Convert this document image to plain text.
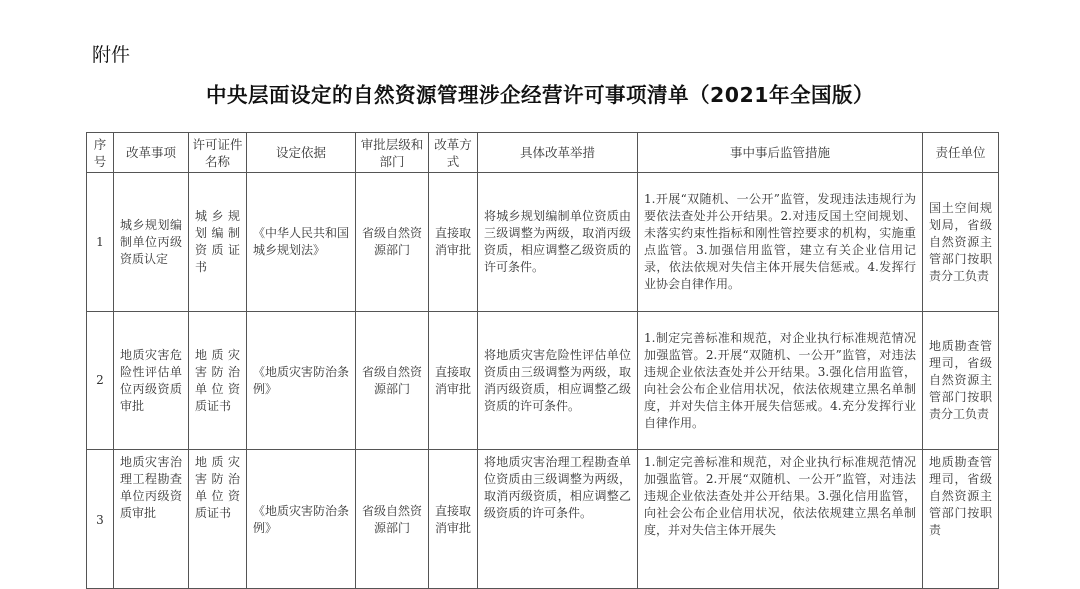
附件
中央层面设定的自然资源管理涉企经营许可事项清单（2021年全国版）
序号	改革事项	许可证件名称	设定依据	审批层级和部门	改革方式	具体改革举措	事中事后监管措施	责任单位
1	城乡规划编制单位丙级资质认定	城乡规划编制资质证书	《中华人民共和国城乡规划法》	省级自然资源部门	直接取消审批	将城乡规划编制单位资质由三级调整为两级，取消丙级资质，相应调整乙级资质的许可条件。	1.开展“双随机、一公开”监管，发现违法违规行为要依法查处并公开结果。2.对违反国土空间规划、未落实约束性指标和刚性管控要求的机构，实施重点监管。3.加强信用监管，建立有关企业信用记录，依法依规对失信主体开展失信惩戒。4.发挥行业协会自律作用。	国土空间规划局，省级自然资源主管部门按职责分工负责
2	地质灾害危险性评估单位丙级资质审批	地质灾害防治单位资质证书	《地质灾害防治条例》	省级自然资源部门	直接取消审批	将地质灾害危险性评估单位资质由三级调整为两级，取消丙级资质，相应调整乙级资质的许可条件。	1.制定完善标准和规范，对企业执行标准规范情况加强监管。2.开展“双随机、一公开”监管，对违法违规企业依法查处并公开结果。3.强化信用监管，向社会公布企业信用状况，依法依规建立黑名单制度，并对失信主体开展失信惩戒。4.充分发挥行业自律作用。	地质勘查管理司，省级自然资源主管部门按职责分工负责
3	地质灾害治理工程勘查单位丙级资质审批	地质灾害防治单位资质证书	《地质灾害防治条例》	省级自然资源部门	直接取消审批	将地质灾害治理工程勘查单位资质由三级调整为两级，取消丙级资质，相应调整乙级资质的许可条件。	1.制定完善标准和规范，对企业执行标准规范情况加强监管。2.开展“双随机、一公开”监管，对违法违规企业依法查处并公开结果。3.强化信用监管，向社会公布企业信用状况，依法依规建立黑名单制度，并对失信主体开展失	地质勘查管理司，省级自然资源主管部门按职责
